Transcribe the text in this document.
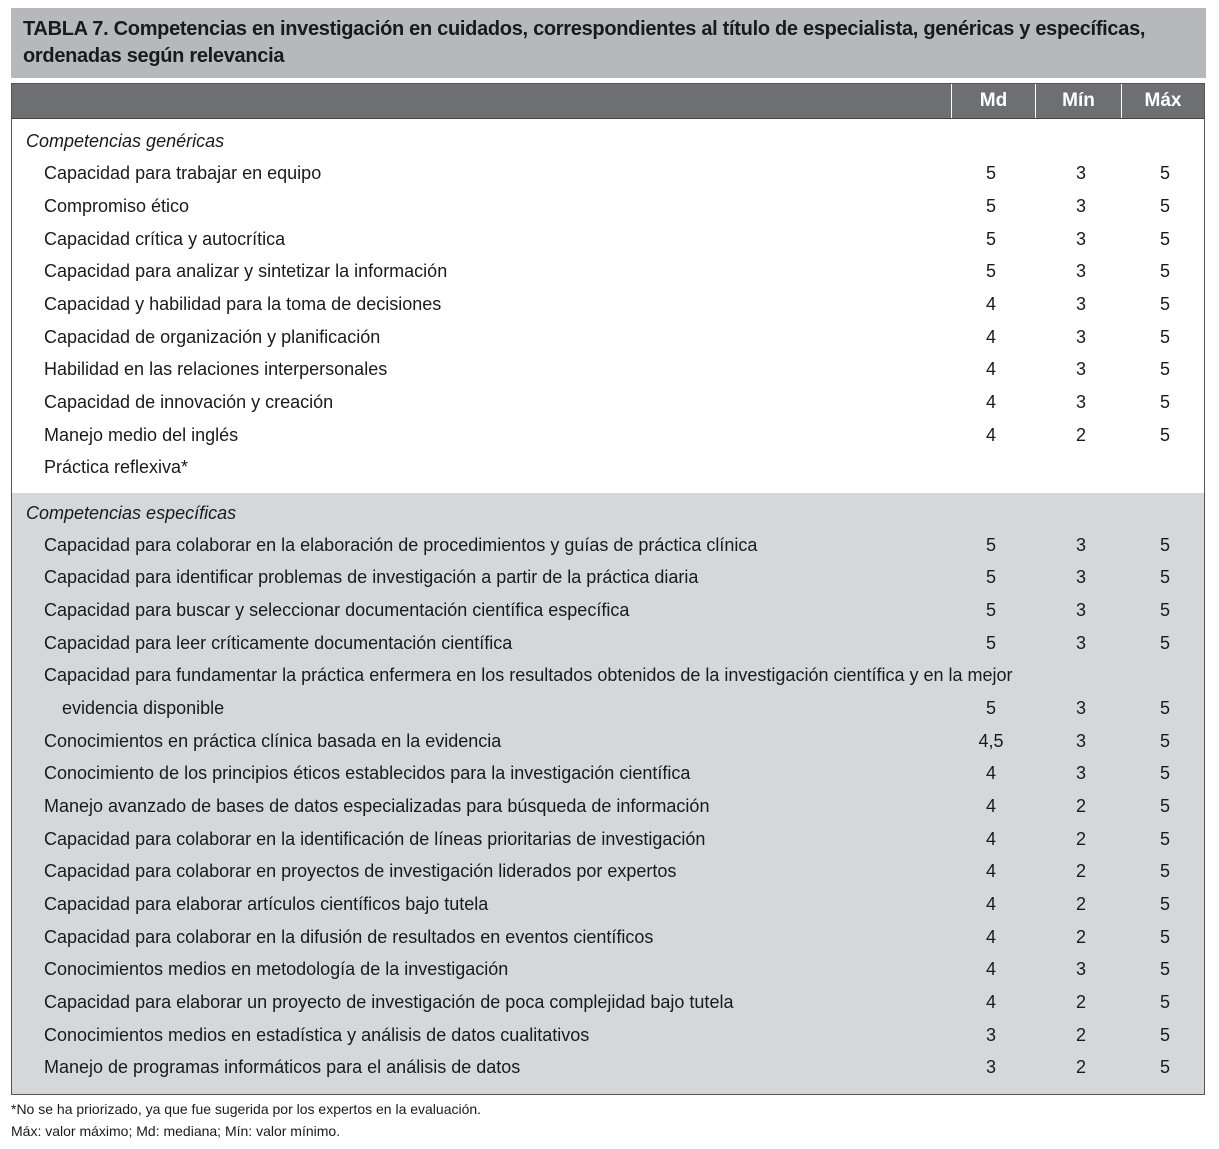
TABLA 7. Competencias en investigación en cuidados, correspondientes al título de especialista, genéricas y específicas, ordenadas según relevancia
Md	Mín	Máx
Competencias genéricas
Capacidad para trabajar en equipo	5	3	5
Compromiso ético	5	3	5
Capacidad crítica y autocrítica	5	3	5
Capacidad para analizar y sintetizar la información	5	3	5
Capacidad y habilidad para la toma de decisiones	4	3	5
Capacidad de organización y planificación	4	3	5
Habilidad en las relaciones interpersonales	4	3	5
Capacidad de innovación y creación	4	3	5
Manejo medio del inglés	4	2	5
Práctica reflexiva*
Competencias específicas
Capacidad para colaborar en la elaboración de procedimientos y guías de práctica clínica	5	3	5
Capacidad para identificar problemas de investigación a partir de la práctica diaria	5	3	5
Capacidad para buscar y seleccionar documentación científica específica	5	3	5
Capacidad para leer críticamente documentación científica	5	3	5
Capacidad para fundamentar la práctica enfermera en los resultados obtenidos de la investigación científica y en la mejor
evidencia disponible	5	3	5
Conocimientos en práctica clínica basada en la evidencia	4,5	3	5
Conocimiento de los principios éticos establecidos para la investigación científica	4	3	5
Manejo avanzado de bases de datos especializadas para búsqueda de información	4	2	5
Capacidad para colaborar en la identificación de líneas prioritarias de investigación	4	2	5
Capacidad para colaborar en proyectos de investigación liderados por expertos	4	2	5
Capacidad para elaborar artículos científicos bajo tutela	4	2	5
Capacidad para colaborar en la difusión de resultados en eventos científicos	4	2	5
Conocimientos medios en metodología de la investigación	4	3	5
Capacidad para elaborar un proyecto de investigación de poca complejidad bajo tutela	4	2	5
Conocimientos medios en estadística y análisis de datos cualitativos	3	2	5
Manejo de programas informáticos para el análisis de datos	3	2	5
*No se ha priorizado, ya que fue sugerida por los expertos en la evaluación.
Máx: valor máximo; Md: mediana; Mín: valor mínimo.
